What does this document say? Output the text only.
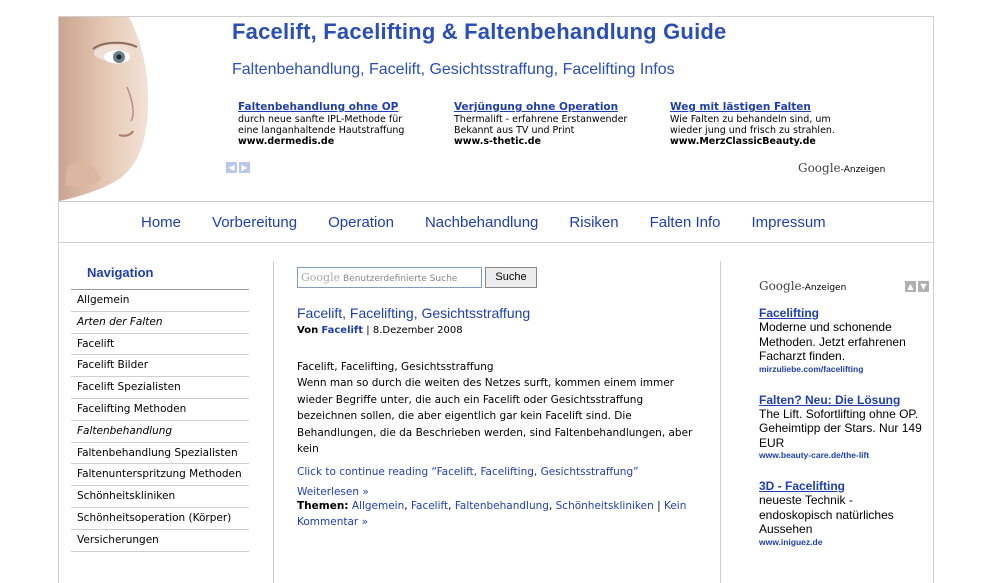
Facelift, Facelifting & Faltenbehandlung Guide
Faltenbehandlung, Facelift, Gesichtsstraffung, Facelifting Infos
Faltenbehandlung ohne OP
durch neue sanfte IPL-Methode für
eine langanhaltende Hautstraffung
www.dermedis.de
Verjüngung ohne Operation
Thermalift - erfahrene Erstanwender
Bekannt aus TV und Print
www.s-thetic.de
Weg mit lästigen Falten
Wie Falten zu behandeln sind, um
wieder jung und frisch zu strahlen.
www.MerzClassicBeauty.de
◀ ▶	Google-Anzeigen
Home Vorbereitung Operation Nachbehandlung Risiken Falten Info Impressum
Navigation
Allgemein
Arten der Falten
Facelift
Facelift Bilder
Facelift Spezialisten
Facelifting Methoden
Faltenbehandlung
Faltenbehandlung Spezialisten
Faltenunterspritzung Methoden
Schönheitskliniken
Schönheitsoperation (Körper)
Versicherungen
Google Benutzerdefinierte Suche	Suche
Facelift, Facelifting, Gesichtsstraffung
Von Facelift | 8.Dezember 2008
Facelift, Facelifting, Gesichtsstraffung
Wenn man so durch die weiten des Netzes surft, kommen einem immer wieder Begriffe unter, die auch ein Facelift oder Gesichtsstraffung bezeichnen sollen, die aber eigentlich gar kein Facelift sind. Die Behandlungen, die da Beschrieben werden, sind Faltenbehandlungen, aber kein
Click to continue reading “Facelift, Facelifting, Gesichtsstraffung”
Weiterlesen »
Themen: Allgemein, Facelift, Faltenbehandlung, Schönheitskliniken | Kein Kommentar »
Google-Anzeigen	▲ ▼
Facelifting
Moderne und schonende Methoden. Jetzt erfahrenen Facharzt finden.
mirzuliebe.com/facelifting
Falten? Neu: Die Lösung
The Lift. Sofortlifting ohne OP. Geheimtipp der Stars. Nur 149 EUR
www.beauty-care.de/the-lift
3D - Facelifting
neueste Technik - endoskopisch natürliches Aussehen
www.iniguez.de
